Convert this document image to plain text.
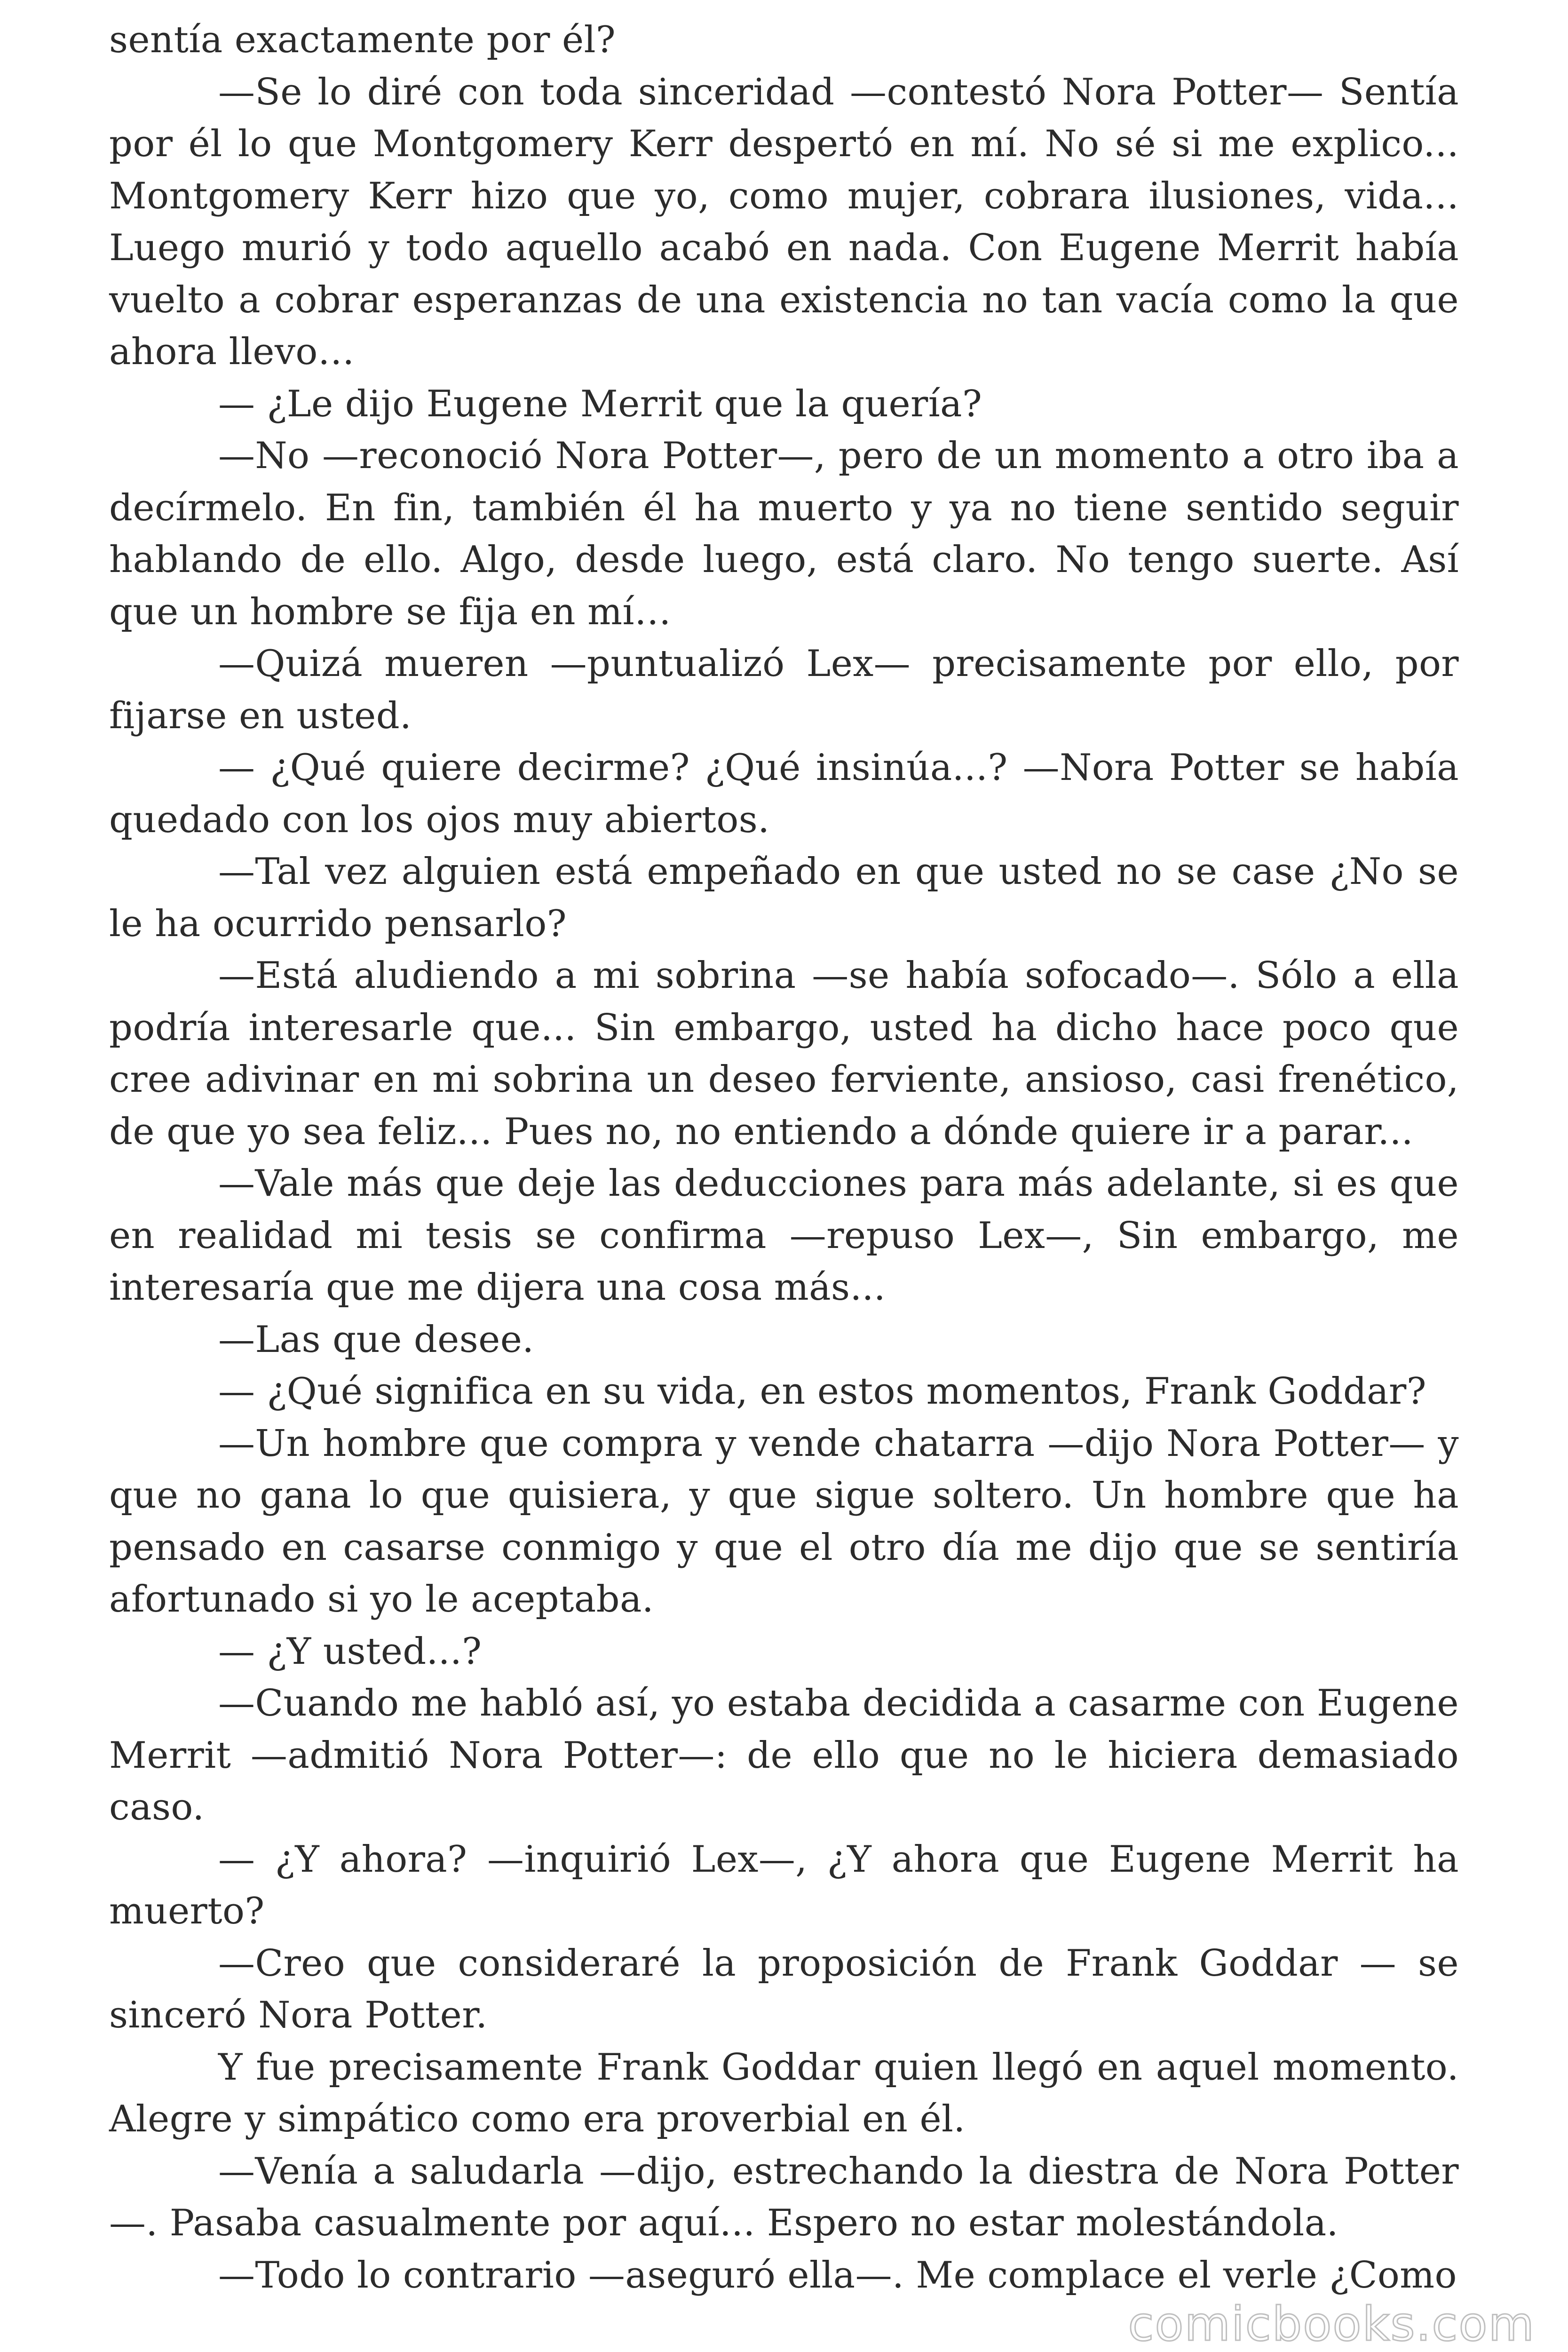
sentía exactamente por él?

—Se lo diré con toda sinceridad —contestó Nora Potter— Sentía por él lo que Montgomery Kerr despertó en mí. No sé si me explico... Montgomery Kerr hizo que yo, como mujer, cobrara ilusiones, vida... Luego murió y todo aquello acabó en nada. Con Eugene Merrit había vuelto a cobrar esperanzas de una existencia no tan vacía como la que ahora llevo…

— ¿Le dijo Eugene Merrit que la quería?

—No —reconoció Nora Potter—, pero de un momento a otro iba a decírmelo. En fin, también él ha muerto y ya no tiene sentido seguir hablando de ello. Algo, desde luego, está claro. No tengo suerte. Así que un hombre se fija en mí…

—Quizá mueren —puntualizó Lex— precisamente por ello, por fijarse en usted.

— ¿Qué quiere decirme? ¿Qué insinúa...? —Nora Potter se había quedado con los ojos muy abiertos.

—Tal vez alguien está empeñado en que usted no se case ¿No se le ha ocurrido pensarlo?

—Está aludiendo a mi sobrina —se había sofocado—. Sólo a ella podría interesarle que... Sin embargo, usted ha dicho hace poco que cree adivinar en mi sobrina un deseo ferviente, ansioso, casi frenético, de que yo sea feliz... Pues no, no entiendo a dónde quiere ir a parar...

—Vale más que deje las deducciones para más adelante, si es que en realidad mi tesis se confirma —repuso Lex—, Sin embargo, me interesaría que me dijera una cosa más...

—Las que desee.

— ¿Qué significa en su vida, en estos momentos, Frank Goddar?

—Un hombre que compra y vende chatarra —dijo Nora Potter— y que no gana lo que quisiera, y que sigue soltero. Un hombre que ha pensado en casarse conmigo y que el otro día me dijo que se sentiría afortunado si yo le aceptaba.

— ¿Y usted...?

—Cuando me habló así, yo estaba decidida a casarme con Eugene Merrit —admitió Nora Potter—: de ello que no le hiciera demasiado caso.

— ¿Y ahora? —inquirió Lex—, ¿Y ahora que Eugene Merrit ha muerto?

—Creo que consideraré la proposición de Frank Goddar — se sinceró Nora Potter.

Y fue precisamente Frank Goddar quien llegó en aquel momento. Alegre y simpático como era proverbial en él.

—Venía a saludarla —dijo, estrechando la diestra de Nora Potter —. Pasaba casualmente por aquí... Espero no estar molestándola.

—Todo lo contrario —aseguró ella—. Me complace el verle ¿Como

comicbooks.com
